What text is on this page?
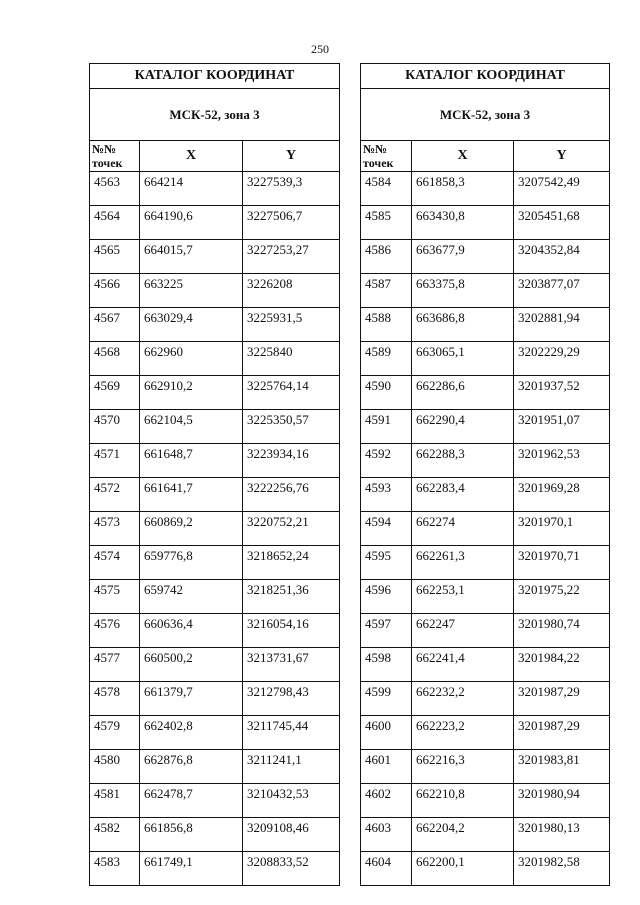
250
КАТАЛОГ КООРДИНАТ		
МСК-52, зона 3		
№№
точек	X	Y
4563	664214	3227539,3
4564	664190,6	3227506,7
4565	664015,7	3227253,27
4566	663225	3226208
4567	663029,4	3225931,5
4568	662960	3225840
4569	662910,2	3225764,14
4570	662104,5	3225350,57
4571	661648,7	3223934,16
4572	661641,7	3222256,76
4573	660869,2	3220752,21
4574	659776,8	3218652,24
4575	659742	3218251,36
4576	660636,4	3216054,16
4577	660500,2	3213731,67
4578	661379,7	3212798,43
4579	662402,8	3211745,44
4580	662876,8	3211241,1
4581	662478,7	3210432,53
4582	661856,8	3209108,46
4583	661749,1	3208833,52
КАТАЛОГ КООРДИНАТ		
МСК-52, зона 3		
№№
точек	X	Y
4584	661858,3	3207542,49
4585	663430,8	3205451,68
4586	663677,9	3204352,84
4587	663375,8	3203877,07
4588	663686,8	3202881,94
4589	663065,1	3202229,29
4590	662286,6	3201937,52
4591	662290,4	3201951,07
4592	662288,3	3201962,53
4593	662283,4	3201969,28
4594	662274	3201970,1
4595	662261,3	3201970,71
4596	662253,1	3201975,22
4597	662247	3201980,74
4598	662241,4	3201984,22
4599	662232,2	3201987,29
4600	662223,2	3201987,29
4601	662216,3	3201983,81
4602	662210,8	3201980,94
4603	662204,2	3201980,13
4604	662200,1	3201982,58
